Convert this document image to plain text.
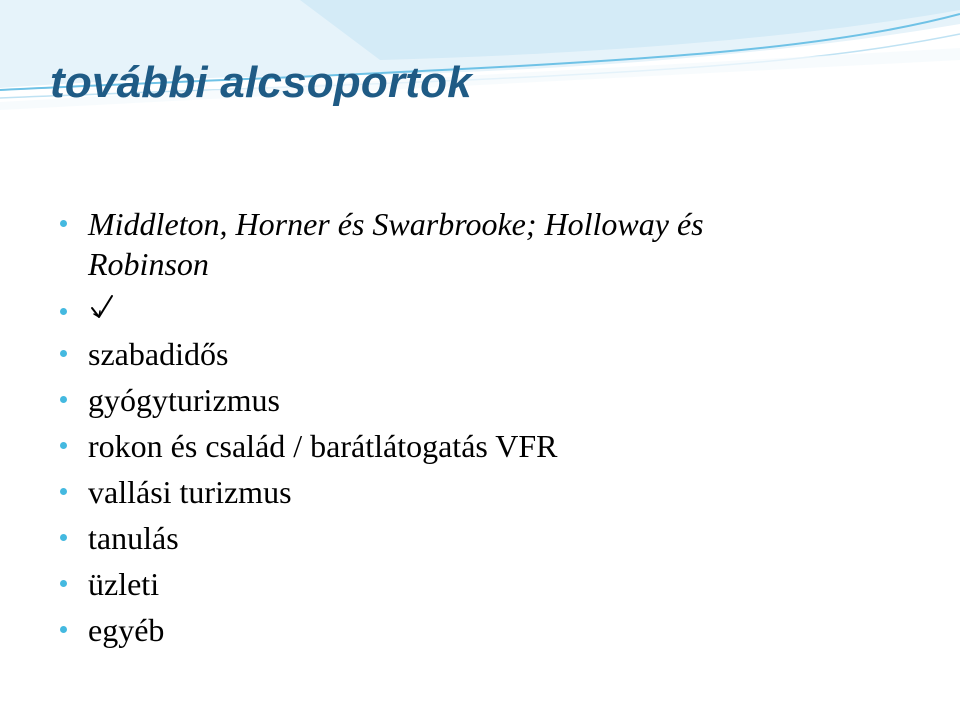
további alcsoportok
Middleton, Horner és Swarbrooke; Holloway és
Robinson
szabadidős
gyógyturizmus
rokon és család / barátlátogatás VFR
vallási turizmus
tanulás
üzleti
egyéb
